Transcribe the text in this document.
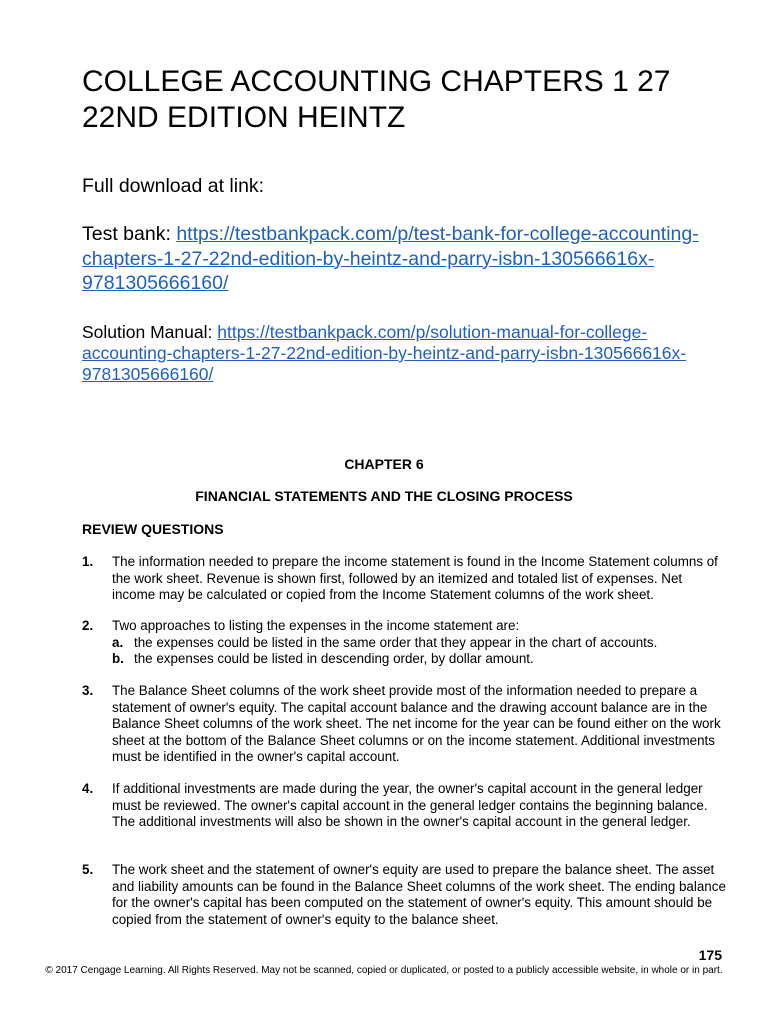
COLLEGE ACCOUNTING CHAPTERS 1 27 22ND EDITION HEINTZ

Full download at link:

Test bank: https://testbankpack.com/p/test-bank-for-college-accounting-chapters-1-27-22nd-edition-by-heintz-and-parry-isbn-130566616x-9781305666160/

Solution Manual: https://testbankpack.com/p/solution-manual-for-college-accounting-chapters-1-27-22nd-edition-by-heintz-and-parry-isbn-130566616x-9781305666160/

CHAPTER 6

FINANCIAL STATEMENTS AND THE CLOSING PROCESS

REVIEW QUESTIONS

1. The information needed to prepare the income statement is found in the Income Statement columns of the work sheet. Revenue is shown first, followed by an itemized and totaled list of expenses. Net income may be calculated or copied from the Income Statement columns of the work sheet.
2. Two approaches to listing the expenses in the income statement are:
a. the expenses could be listed in the same order that they appear in the chart of accounts.
b. the expenses could be listed in descending order, by dollar amount.
3. The Balance Sheet columns of the work sheet provide most of the information needed to prepare a statement of owner's equity. The capital account balance and the drawing account balance are in the Balance Sheet columns of the work sheet. The net income for the year can be found either on the work sheet at the bottom of the Balance Sheet columns or on the income statement. Additional investments must be identified in the owner's capital account.
4. If additional investments are made during the year, the owner's capital account in the general ledger must be reviewed. The owner's capital account in the general ledger contains the beginning balance. The additional investments will also be shown in the owner's capital account in the general ledger.
5. The work sheet and the statement of owner's equity are used to prepare the balance sheet. The asset and liability amounts can be found in the Balance Sheet columns of the work sheet. The ending balance for the owner's capital has been computed on the statement of owner's equity. This amount should be copied from the statement of owner's equity to the balance sheet.

175

© 2017 Cengage Learning. All Rights Reserved. May not be scanned, copied or duplicated, or posted to a publicly accessible website, in whole or in part.
